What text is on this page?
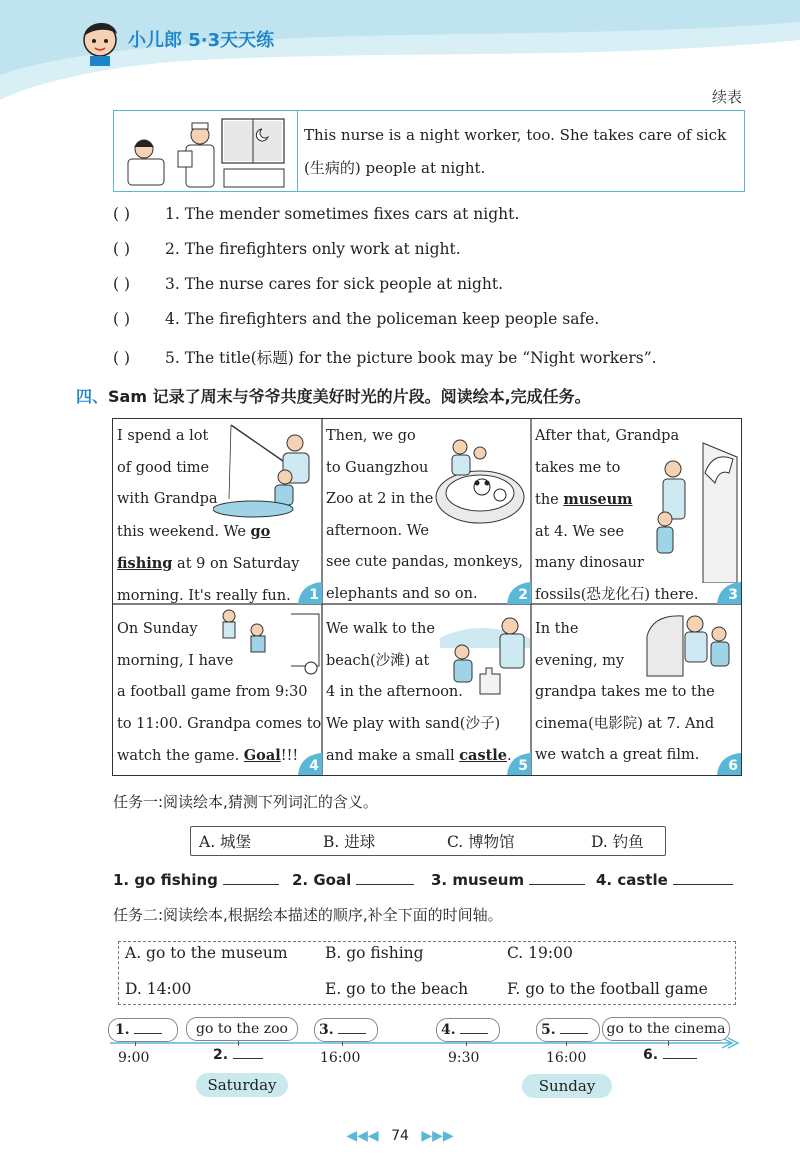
小儿郎 5·3天天练
续表
This nurse is a night worker, too. She takes care of sick
(生病的) people at night.
( ) 1. The mender sometimes fixes cars at night.
( ) 2. The firefighters only work at night.
( ) 3. The nurse cares for sick people at night.
( ) 4. The firefighters and the policeman keep people safe.
( ) 5. The title(标题) for the picture book may be “Night workers”.
四、Sam 记录了周末与爷爷共度美好时光的片段。阅读绘本,完成任务。
I spend a lot
of good time
with Grandpa
this weekend. We go
fishing at 9 on Saturday
morning. It's really fun.	1
Then, we go
to Guangzhou
Zoo at 2 in the
afternoon. We
see cute pandas, monkeys,
elephants and so on.	2
After that, Grandpa
takes me to
the museum
at 4. We see
many dinosaur
fossils(恐龙化石) there. 3
On Sunday
morning, I have
a football game from 9:30
to 11:00. Grandpa comes to
watch the game. Goal!!!
4
We walk to the
beach(沙滩) at
4 in the afternoon.
We play with sand(沙子)
and make a small castle.
5
In the
evening, my
grandpa takes me to the
cinema(电影院) at 7. And
we watch a great film.
6
任务一:阅读绘本,猜测下列词汇的含义。
A. 城堡	B. 进球	C. 博物馆	D. 钓鱼
1. go fishing	2. Goal	3. museum	4. castle
任务二:阅读绘本,根据绘本描述的顺序,补全下面的时间轴。
A. go to the museum B. go fishing	C. 19:00
D. 14:00	E. go to the beach	F. go to the football game
1.	go to the zoo	3.	4.	5.	go to the cinema
9:00	2.	16:00	9:30	16:00	6.
Saturday	Sunday
◀◀◀ 74 ▶▶▶
